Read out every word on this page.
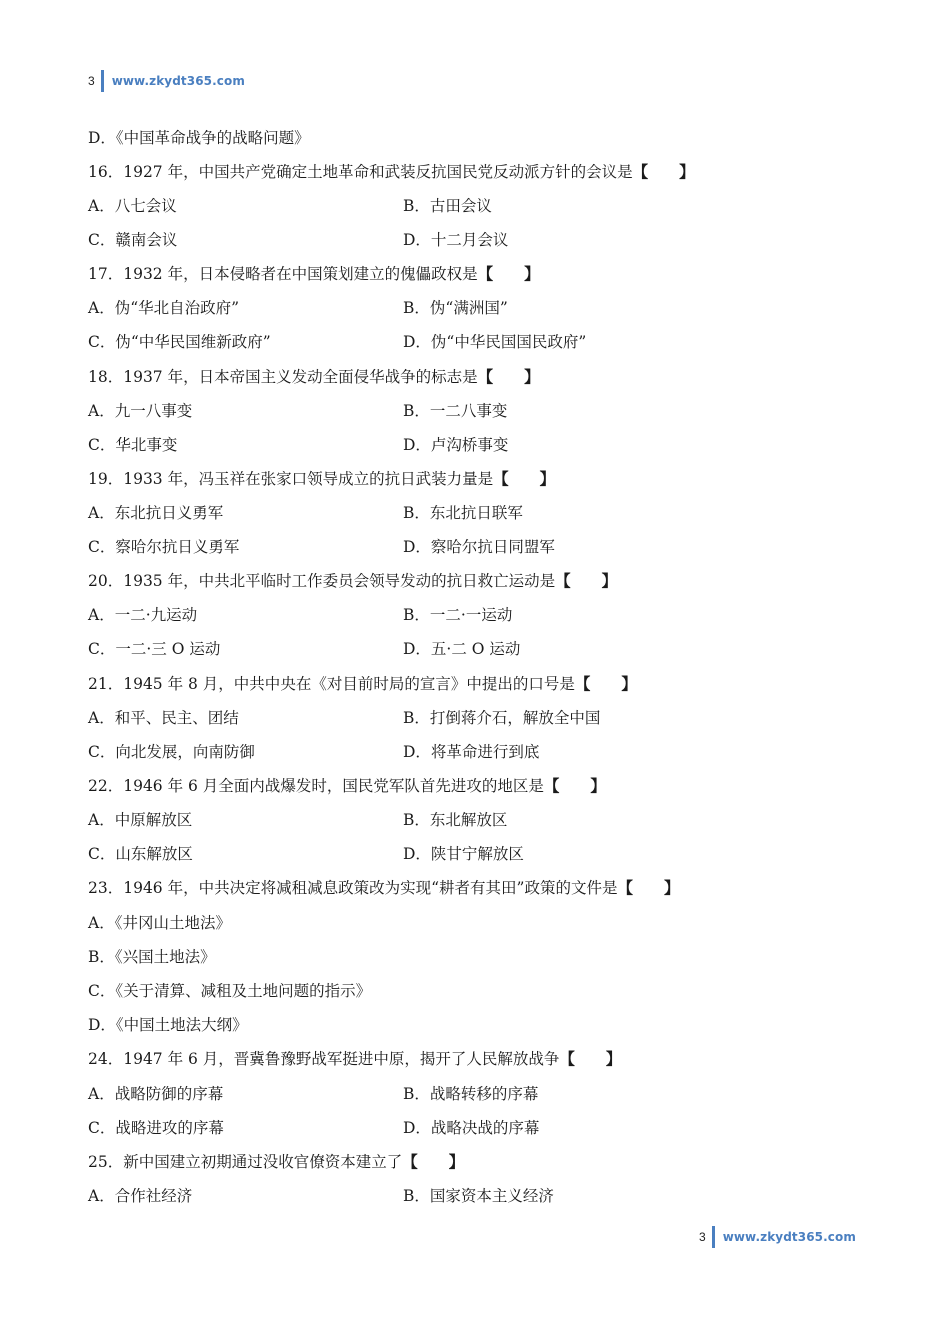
3 www.zkydt365.com
D．《中国革命战争的战略问题》
16．1927 年，中国共产党确定土地革命和武装反抗国民党反动派方针的会议是【　　】
A．八七会议	B．古田会议
C．赣南会议	D．十二月会议
17．1932 年，日本侵略者在中国策划建立的傀儡政权是【　　】
A．伪“华北自治政府”	B．伪“满洲国”
C．伪“中华民国维新政府”	D．伪“中华民国国民政府”
18．1937 年，日本帝国主义发动全面侵华战争的标志是【　　】
A．九一八事变	B．一二八事变
C．华北事变	D．卢沟桥事变
19．1933 年，冯玉祥在张家口领导成立的抗日武装力量是【　　】
A．东北抗日义勇军	B．东北抗日联军
C．察哈尔抗日义勇军	D．察哈尔抗日同盟军
20．1935 年，中共北平临时工作委员会领导发动的抗日救亡运动是【　　】
A．一二·九运动	B．一二·一运动
C．一二·三 O 运动	D．五·二 O 运动
21．1945 年 8 月，中共中央在《对目前时局的宣言》中提出的口号是【　　】
A．和平、民主、团结	B．打倒蒋介石，解放全中国
C．向北发展，向南防御	D．将革命进行到底
22．1946 年 6 月全面内战爆发时，国民党军队首先进攻的地区是【　　】
A．中原解放区	B．东北解放区
C．山东解放区	D．陕甘宁解放区
23．1946 年，中共决定将减租减息政策改为实现“耕者有其田”政策的文件是【　　】
A．《井冈山土地法》
B．《兴国土地法》
C．《关于清算、减租及土地问题的指示》
D．《中国土地法大纲》
24．1947 年 6 月，晋冀鲁豫野战军挺进中原，揭开了人民解放战争【　　】
A．战略防御的序幕	B．战略转移的序幕
C．战略进攻的序幕	D．战略决战的序幕
25．新中国建立初期通过没收官僚资本建立了【　　】
A．合作社经济	B．国家资本主义经济
3 www.zkydt365.com
